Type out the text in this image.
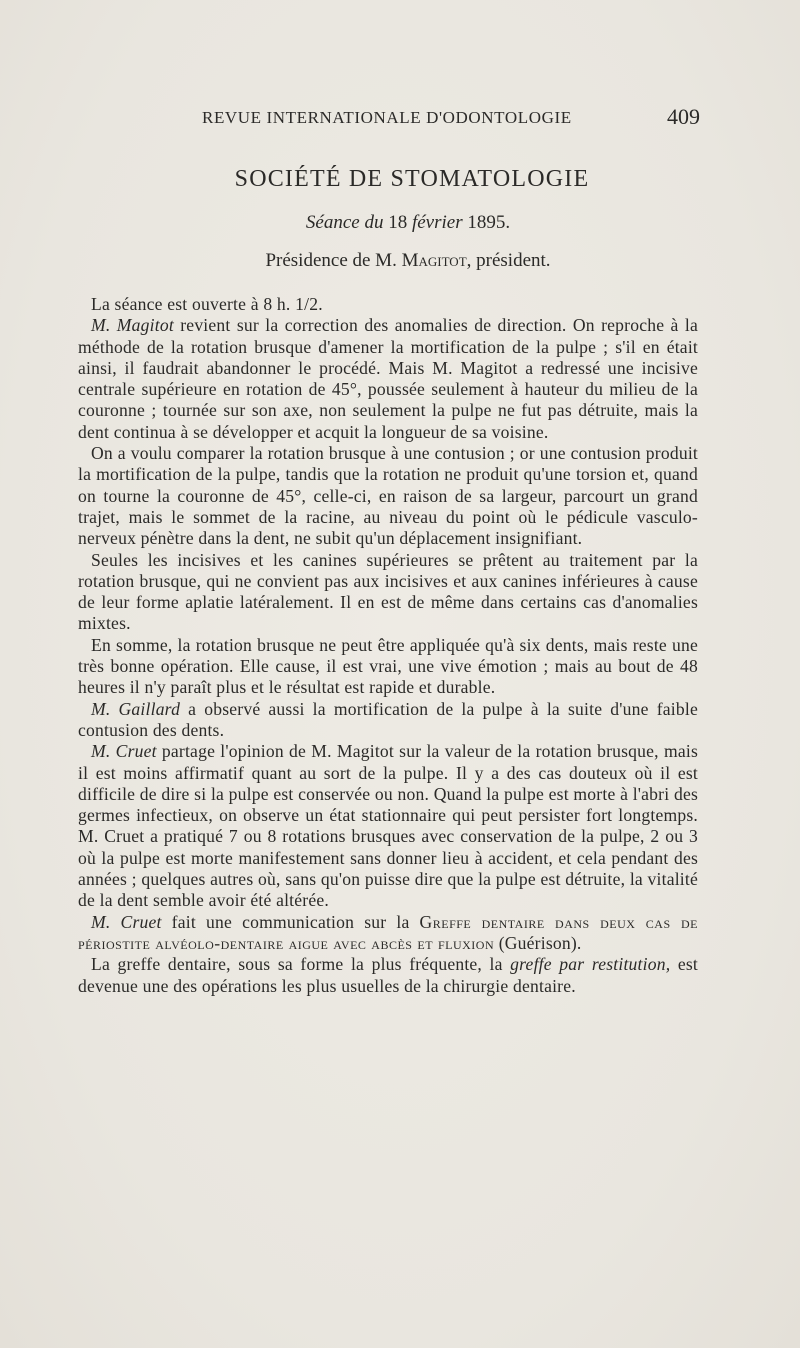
REVUE INTERNATIONALE D'ODONTOLOGIE	409
SOCIÉTÉ DE STOMATOLOGIE
Séance du 18 février 1895.
Présidence de M. Magitot, président.

La séance est ouverte à 8 h. 1/2.

M. Magitot revient sur la correction des anomalies de direction. On reproche à la méthode de la rotation brusque d'amener la mortification de la pulpe ; s'il en était ainsi, il faudrait abandonner le procédé. Mais M. Magitot a redressé une incisive centrale supérieure en rotation de 45°, poussée seulement à hauteur du milieu de la couronne ; tournée sur son axe, non seulement la pulpe ne fut pas détruite, mais la dent continua à se développer et acquit la longueur de sa voisine.

On a voulu comparer la rotation brusque à une contusion ; or une contusion produit la mortification de la pulpe, tandis que la rotation ne produit qu'une torsion et, quand on tourne la couronne de 45°, celle-ci, en raison de sa largeur, parcourt un grand trajet, mais le sommet de la racine, au niveau du point où le pédicule vasculo-nerveux pénètre dans la dent, ne subit qu'un déplacement insignifiant.

Seules les incisives et les canines supérieures se prêtent au traitement par la rotation brusque, qui ne convient pas aux incisives et aux canines inférieures à cause de leur forme aplatie latéralement. Il en est de même dans certains cas d'anomalies mixtes.

En somme, la rotation brusque ne peut être appliquée qu'à six dents, mais reste une très bonne opération. Elle cause, il est vrai, une vive émotion ; mais au bout de 48 heures il n'y paraît plus et le résultat est rapide et durable.

M. Gaillard a observé aussi la mortification de la pulpe à la suite d'une faible contusion des dents.

M. Cruet partage l'opinion de M. Magitot sur la valeur de la rotation brusque, mais il est moins affirmatif quant au sort de la pulpe. Il y a des cas douteux où il est difficile de dire si la pulpe est conservée ou non. Quand la pulpe est morte à l'abri des germes infectieux, on observe un état stationnaire qui peut persister fort longtemps. M. Cruet a pratiqué 7 ou 8 rotations brusques avec conservation de la pulpe, 2 ou 3 où la pulpe est morte manifestement sans donner lieu à accident, et cela pendant des années ; quelques autres où, sans qu'on puisse dire que la pulpe est détruite, la vitalité de la dent semble avoir été altérée.

M. Cruet fait une communication sur la Greffe dentaire dans deux cas de périostite alvéolo-dentaire aigue avec abcès et fluxion (Guérison).

La greffe dentaire, sous sa forme la plus fréquente, la greffe par restitution, est devenue une des opérations les plus usuelles de la chirurgie dentaire.
